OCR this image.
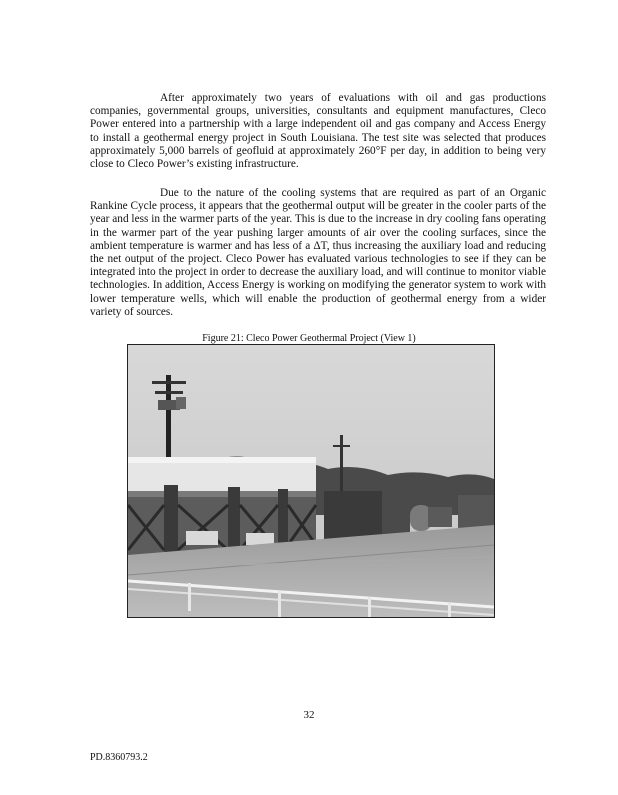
After approximately two years of evaluations with oil and gas productions companies, governmental groups, universities, consultants and equipment manufactures, Cleco Power entered into a partnership with a large independent oil and gas company and Access Energy to install a geothermal energy project in South Louisiana. The test site was selected that produces approximately 5,000 barrels of geofluid at approximately 260°F per day, in addition to being very close to Cleco Power’s existing infrastructure.

Due to the nature of the cooling systems that are required as part of an Organic Rankine Cycle process, it appears that the geothermal output will be greater in the cooler parts of the year and less in the warmer parts of the year. This is due to the increase in dry cooling fans operating in the warmer part of the year pushing larger amounts of air over the cooling surfaces, since the ambient temperature is warmer and has less of a ΔT, thus increasing the auxiliary load and reducing the net output of the project. Cleco Power has evaluated various technologies to see if they can be integrated into the project in order to decrease the auxiliary load, and will continue to monitor viable technologies. In addition, Access Energy is working on modifying the generator system to work with lower temperature wells, which will enable the production of geothermal energy from a wider variety of sources.

Figure 21: Cleco Power Geothermal Project (View 1)
32
PD.8360793.2
